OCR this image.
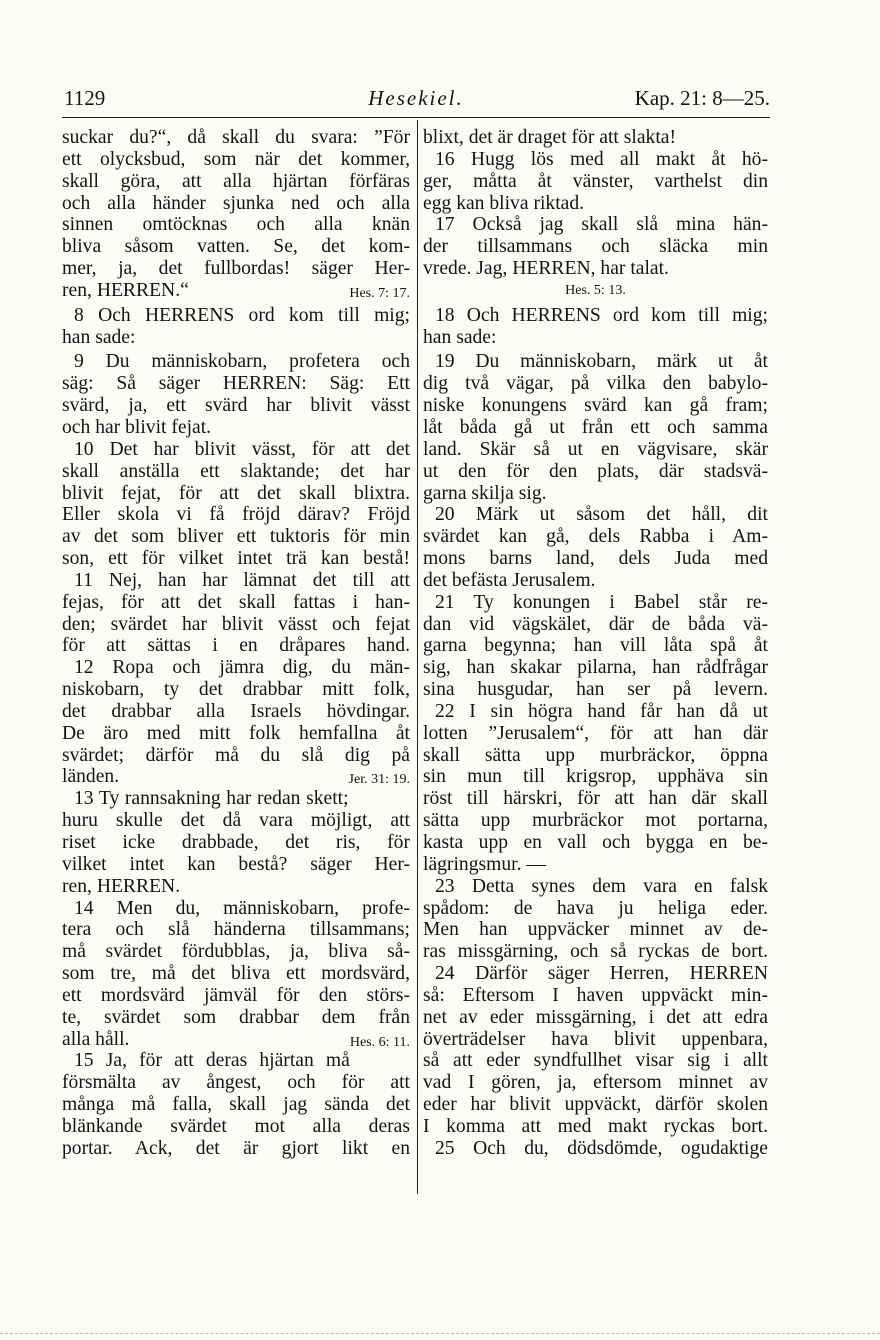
1129	Hesekiel.	Kap. 21: 8—25.
suckar du?“, då skall du svara: ”För
ett olycksbud, som när det kommer,
skall göra, att alla hjärtan förfäras
och alla händer sjunka ned och alla
sinnen omtöcknas och alla knän
bliva såsom vatten. Se, det kom-
mer, ja, det fullbordas! säger Her-
Hes. 7: 17.
ren, HERREN.“
8 Och HERRENS ord kom till mig;
han sade:
9 Du människobarn, profetera och
säg: Så säger HERREN: Säg: Ett
svärd, ja, ett svärd har blivit vässt
och har blivit fejat.
10 Det har blivit vässt, för att det
skall anställa ett slaktande; det har
blivit fejat, för att det skall blixtra.
Eller skola vi få fröjd därav? Fröjd
av det som bliver ett tuktoris för min
son, ett för vilket intet trä kan bestå!
11 Nej, han har lämnat det till att
fejas, för att det skall fattas i han-
den; svärdet har blivit vässt och fejat
för att sättas i en dråpares hand.
12 Ropa och jämra dig, du män-
niskobarn, ty det drabbar mitt folk,
det drabbar alla Israels hövdingar.
De äro med mitt folk hemfallna åt
svärdet; därför må du slå dig på
Jer. 31: 19.
länden.
13 Ty rannsakning har redan skett;
huru skulle det då vara möjligt, att
riset icke drabbade, det ris, för
vilket intet kan bestå? säger Her-
ren, HERREN.
14 Men du, människobarn, profe-
tera och slå händerna tillsammans;
må svärdet fördubblas, ja, bliva så-
som tre, må det bliva ett mordsvärd,
ett mordsvärd jämväl för den störs-
te, svärdet som drabbar dem från
Hes. 6: 11.
alla håll.
15 Ja, för att deras hjärtan må
försmälta av ångest, och för att
många må falla, skall jag sända det
blänkande svärdet mot alla deras
portar. Ack, det är gjort likt en
blixt, det är draget för att slakta!
16 Hugg lös med all makt åt hö-
ger, måtta åt vänster, varthelst din
egg kan bliva riktad.
17 Också jag skall slå mina hän-
der tillsammans och släcka min
vrede. Jag, HERREN, har talat.
Hes. 5: 13.
18 Och HERRENS ord kom till mig;
han sade:
19 Du människobarn, märk ut åt
dig två vägar, på vilka den babylo-
niske konungens svärd kan gå fram;
låt båda gå ut från ett och samma
land. Skär så ut en vägvisare, skär
ut den för den plats, där stadsvä-
garna skilja sig.
20 Märk ut såsom det håll, dit
svärdet kan gå, dels Rabba i Am-
mons barns land, dels Juda med
det befästa Jerusalem.
21 Ty konungen i Babel står re-
dan vid vägskälet, där de båda vä-
garna begynna; han vill låta spå åt
sig, han skakar pilarna, han rådfrågar
sina husgudar, han ser på levern.
22 I sin högra hand får han då ut
lotten ”Jerusalem“, för att han där
skall sätta upp murbräckor, öppna
sin mun till krigsrop, upphäva sin
röst till härskri, för att han där skall
sätta upp murbräckor mot portarna,
kasta upp en vall och bygga en be-
lägringsmur. —
23 Detta synes dem vara en falsk
spådom: de hava ju heliga eder.
Men han uppväcker minnet av de-
ras missgärning, och så ryckas de bort.
24 Därför säger Herren, HERREN
så: Eftersom I haven uppväckt min-
net av eder missgärning, i det att edra
överträdelser hava blivit uppenbara,
så att eder syndfullhet visar sig i allt
vad I gören, ja, eftersom minnet av
eder har blivit uppväckt, därför skolen
I komma att med makt ryckas bort.
25 Och du, dödsdömde, ogudaktige
